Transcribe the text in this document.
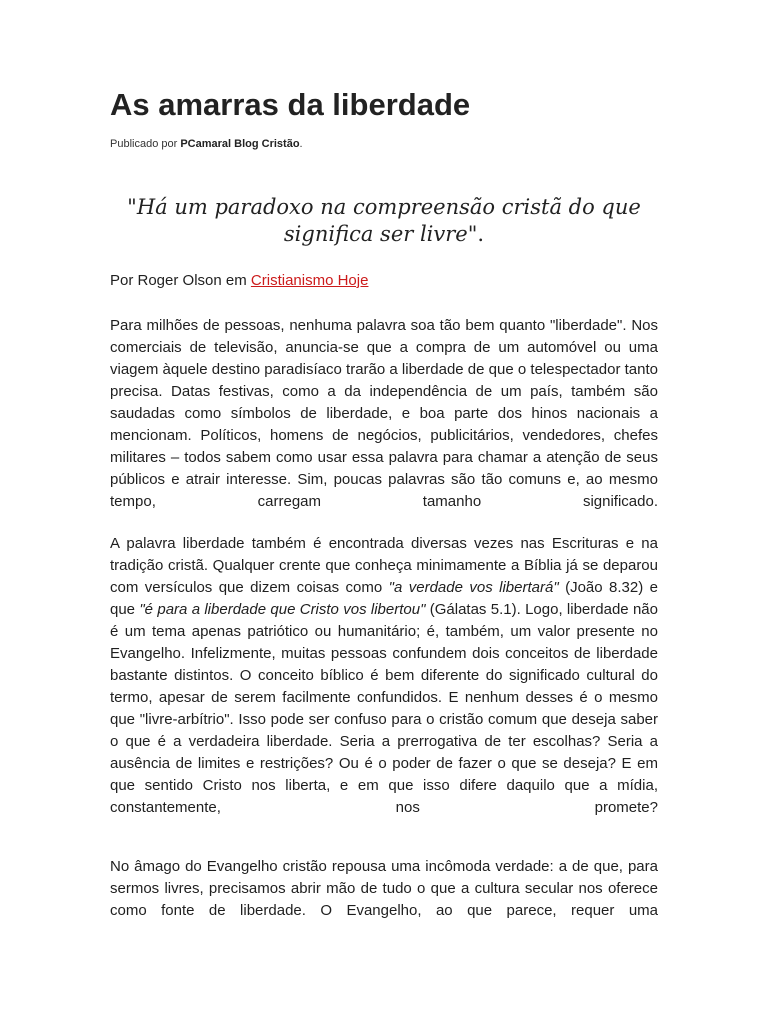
As amarras da liberdade
Publicado por PCamaral Blog Cristão.
"Há um paradoxo na compreensão cristã do que significa ser livre".
Por Roger Olson em Cristianismo Hoje

Para milhões de pessoas, nenhuma palavra soa tão bem quanto "liberdade". Nos comerciais de televisão, anuncia-se que a compra de um automóvel ou uma viagem àquele destino paradisíaco trarão a liberdade de que o telespectador tanto precisa. Datas festivas, como a da independência de um país, também são saudadas como símbolos de liberdade, e boa parte dos hinos nacionais a mencionam. Políticos, homens de negócios, publicitários, vendedores, chefes militares – todos sabem como usar essa palavra para chamar a atenção de seus públicos e atrair interesse. Sim, poucas palavras são tão comuns e, ao mesmo tempo, carregam tamanho significado.

A palavra liberdade também é encontrada diversas vezes nas Escrituras e na tradição cristã. Qualquer crente que conheça minimamente a Bíblia já se deparou com versículos que dizem coisas como "a verdade vos libertará" (João 8.32) e que "é para a liberdade que Cristo vos libertou" (Gálatas 5.1). Logo, liberdade não é um tema apenas patriótico ou humanitário; é, também, um valor presente no Evangelho. Infelizmente, muitas pessoas confundem dois conceitos de liberdade bastante distintos. O conceito bíblico é bem diferente do significado cultural do termo, apesar de serem facilmente confundidos. E nenhum desses é o mesmo que "livre-arbítrio". Isso pode ser confuso para o cristão comum que deseja saber o que é a verdadeira liberdade. Seria a prerrogativa de ter escolhas? Seria a ausência de limites e restrições? Ou é o poder de fazer o que se deseja? E em que sentido Cristo nos liberta, e em que isso difere daquilo que a mídia, constantemente, nos promete?

No âmago do Evangelho cristão repousa uma incômoda verdade: a de que, para sermos livres, precisamos abrir mão de tudo o que a cultura secular nos oferece como fonte de liberdade. O Evangelho, ao que parece, requer uma
